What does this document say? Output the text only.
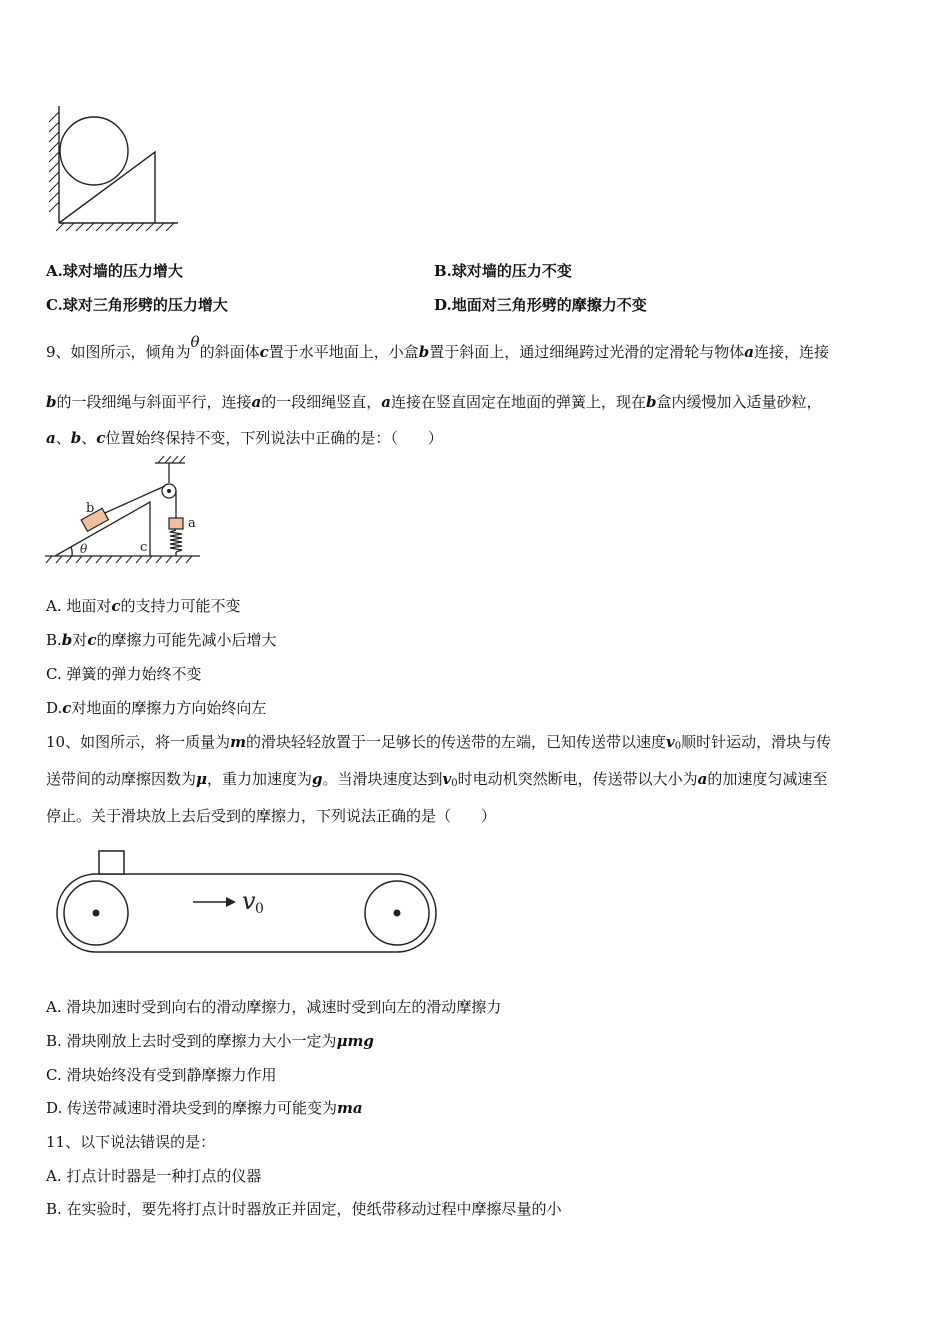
A.球对墙的压力增大	B.球对墙的压力不变
C.球对三角形劈的压力增大	D.地面对三角形劈的摩擦力不变
9、如图所示，倾角为θ的斜面体c置于水平地面上，小盒b置于斜面上，通过细绳跨过光滑的定滑轮与物体a连接，连接
b的一段细绳与斜面平行，连接a的一段细绳竖直，a连接在竖直固定在地面的弹簧上，现在b盒内缓慢加入适量砂粒，
a、b、c位置始终保持不变，下列说法中正确的是：（　　）
b
a
c
θ
A. 地面对c的支持力可能不变
B.b对c的摩擦力可能先减小后增大
C. 弹簧的弹力始终不变
D.c对地面的摩擦力方向始终向左
10、如图所示，将一质量为m的滑块轻轻放置于一足够长的传送带的左端，已知传送带以速度$v_0$顺时针运动，滑块与传
送带间的动摩擦因数为μ，重力加速度为g。当滑块速度达到$v_0$时电动机突然断电，传送带以大小为a的加速度匀减速至
停止。关于滑块放上去后受到的摩擦力，下列说法正确的是（　　）
v 0
A. 滑块加速时受到向右的滑动摩擦力，减速时受到向左的滑动摩擦力
B. 滑块刚放上去时受到的摩擦力大小一定为μmg
C. 滑块始终没有受到静摩擦力作用
D. 传送带减速时滑块受到的摩擦力可能变为ma
11、以下说法错误的是：
A. 打点计时器是一种打点的仪器
B. 在实验时，要先将打点计时器放正并固定，使纸带移动过程中摩擦尽量的小
